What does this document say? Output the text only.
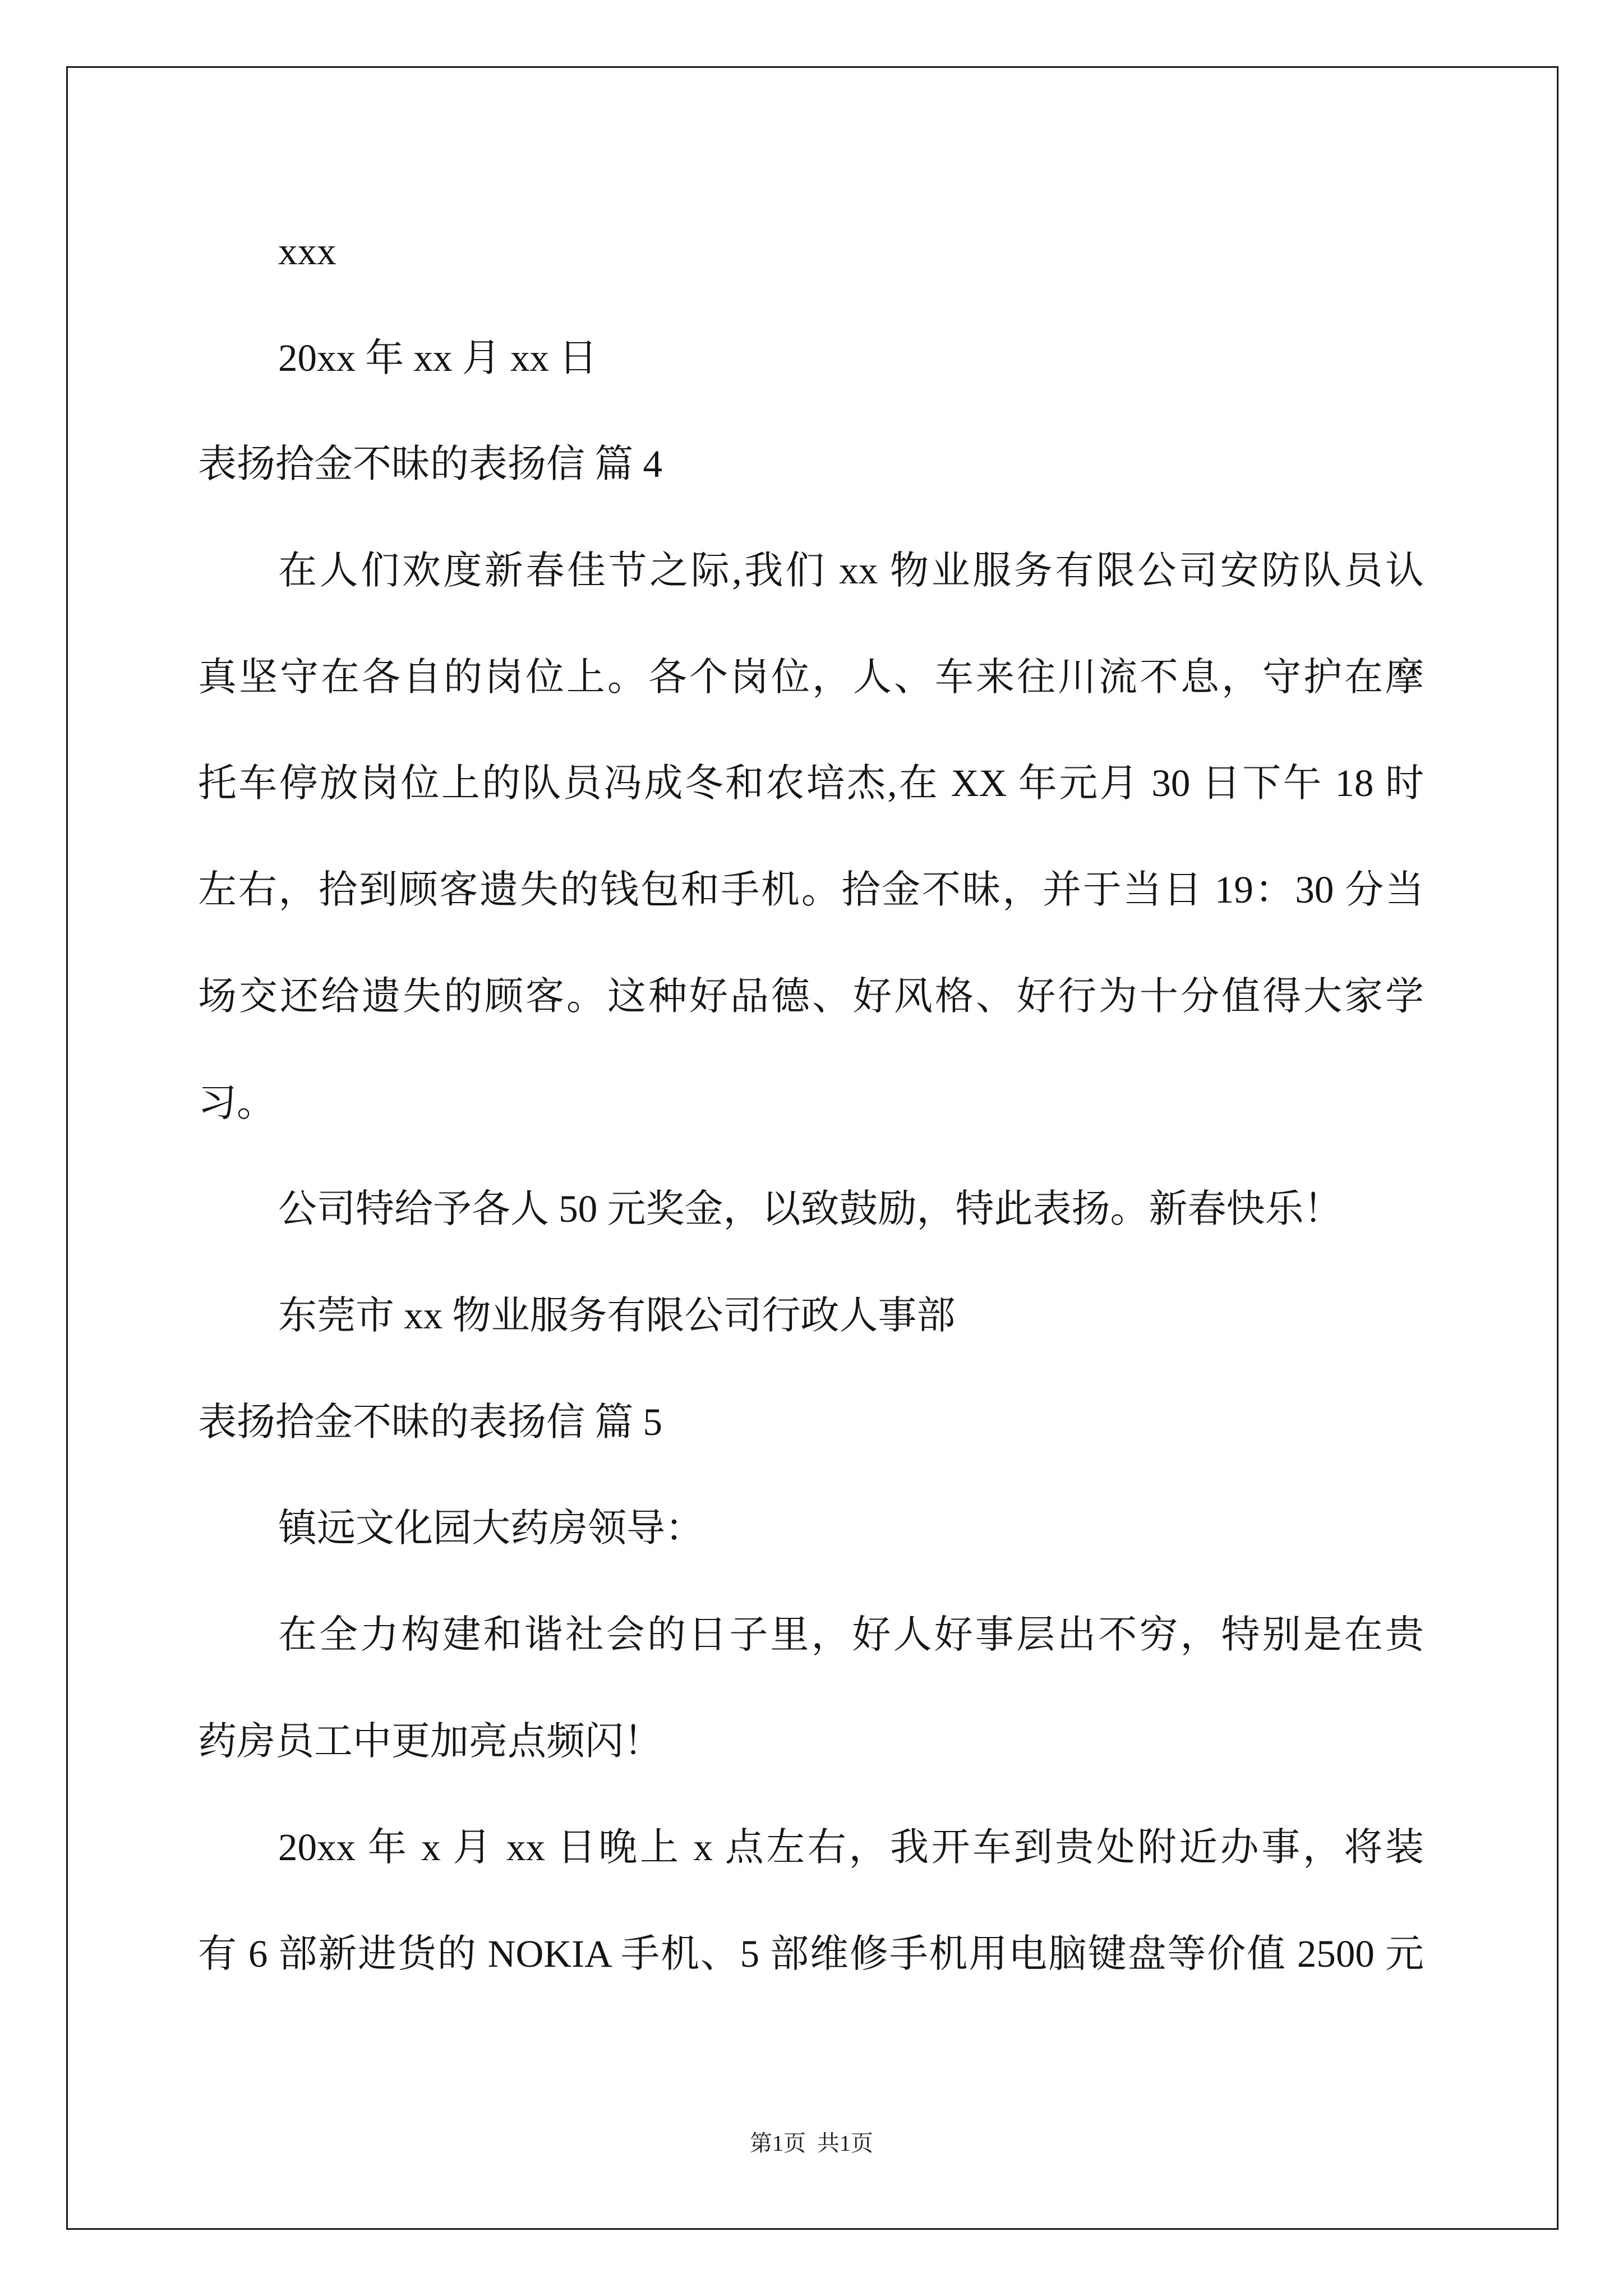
xxx
20xx 年 xx 月 xx 日
表扬拾金不昧的表扬信 篇 4
在人们欢度新春佳节之际,我们 xx 物业服务有限公司安防队员认
真坚守在各自的岗位上。各个岗位，人、车来往川流不息，守护在摩
托车停放岗位上的队员冯成冬和农培杰,在 XX 年元月 30 日下午 18 时
左右，拾到顾客遗失的钱包和手机。拾金不昧，并于当日 19：30 分当
场交还给遗失的顾客。这种好品德、好风格、好行为十分值得大家学
习。
公司特给予各人 50 元奖金，以致鼓励，特此表扬。新春快乐！
东莞市 xx 物业服务有限公司行政人事部
表扬拾金不昧的表扬信 篇 5
镇远文化园大药房领导：
在全力构建和谐社会的日子里，好人好事层出不穷，特别是在贵
药房员工中更加亮点频闪！
20xx 年 x 月 xx 日晚上 x 点左右，我开车到贵处附近办事，将装
有 6 部新进货的 NOKIA 手机、5 部维修手机用电脑键盘等价值 2500 元
第1页  共1页
